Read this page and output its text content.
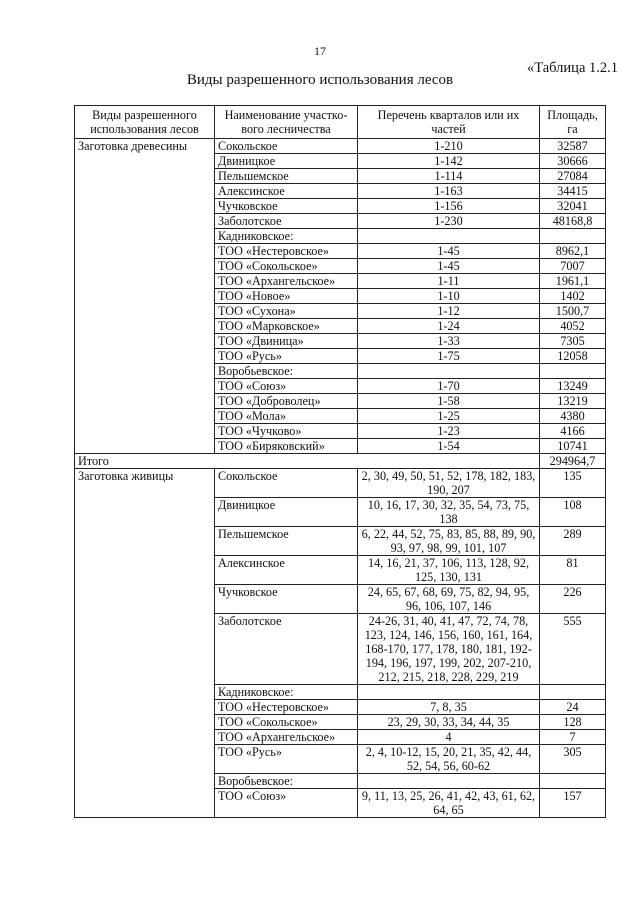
17
«Таблица 1.2.1
Виды разрешенного использования лесов
Виды разрешенного использования лесов	Наименование участко-вого лесничества	Перечень кварталов или их частей	Площадь, га
Заготовка древесины	Сокольское	1-210	32587
	Двиницкое	1-142	30666
	Пельшемское	1-114	27084
	Алексинское	1-163	34415
	Чучковское	1-156	32041
	Заболотское	1-230	48168,8
	Кадниковское:		
	ТОО «Нестеровское»	1-45	8962,1
	ТОО «Сокольское»	1-45	7007
	ТОО «Архангельское»	1-11	1961,1
	ТОО «Новое»	1-10	1402
	ТОО «Сухона»	1-12	1500,7
	ТОО «Марковское»	1-24	4052
	ТОО «Двиница»	1-33	7305
	ТОО «Русь»	1-75	12058
	Воробьевское:		
	ТОО «Союз»	1-70	13249
	ТОО «Доброволец»	1-58	13219
	ТОО «Мола»	1-25	4380
	ТОО «Чучково»	1-23	4166
	ТОО «Биряковский»	1-54	10741
Итого			294964,7
Заготовка живицы	Сокольское	2, 30, 49, 50, 51, 52, 178, 182, 183, 190, 207	135
	Двиницкое	10, 16, 17, 30, 32, 35, 54, 73, 75, 138	108
	Пельшемское	6, 22, 44, 52, 75, 83, 85, 88, 89, 90, 93, 97, 98, 99, 101, 107	289
	Алексинское	14, 16, 21, 37, 106, 113, 128, 92, 125, 130, 131	81
	Чучковское	24, 65, 67, 68, 69, 75, 82, 94, 95, 96, 106, 107, 146	226
	Заболотское	24-26, 31, 40, 41, 47, 72, 74, 78, 123, 124, 146, 156, 160, 161, 164, 168-170, 177, 178, 180, 181, 192-194, 196, 197, 199, 202, 207-210, 212, 215, 218, 228, 229, 219	555
	Кадниковское:		
	ТОО «Нестеровское»	7, 8, 35	24
	ТОО «Сокольское»	23, 29, 30, 33, 34, 44, 35	128
	ТОО «Архангельское»	4	7
	ТОО «Русь»	2, 4, 10-12, 15, 20, 21, 35, 42, 44, 52, 54, 56, 60-62	305
	Воробьевское:		
	ТОО «Союз»	9, 11, 13, 25, 26, 41, 42, 43, 61, 62, 64, 65	157
